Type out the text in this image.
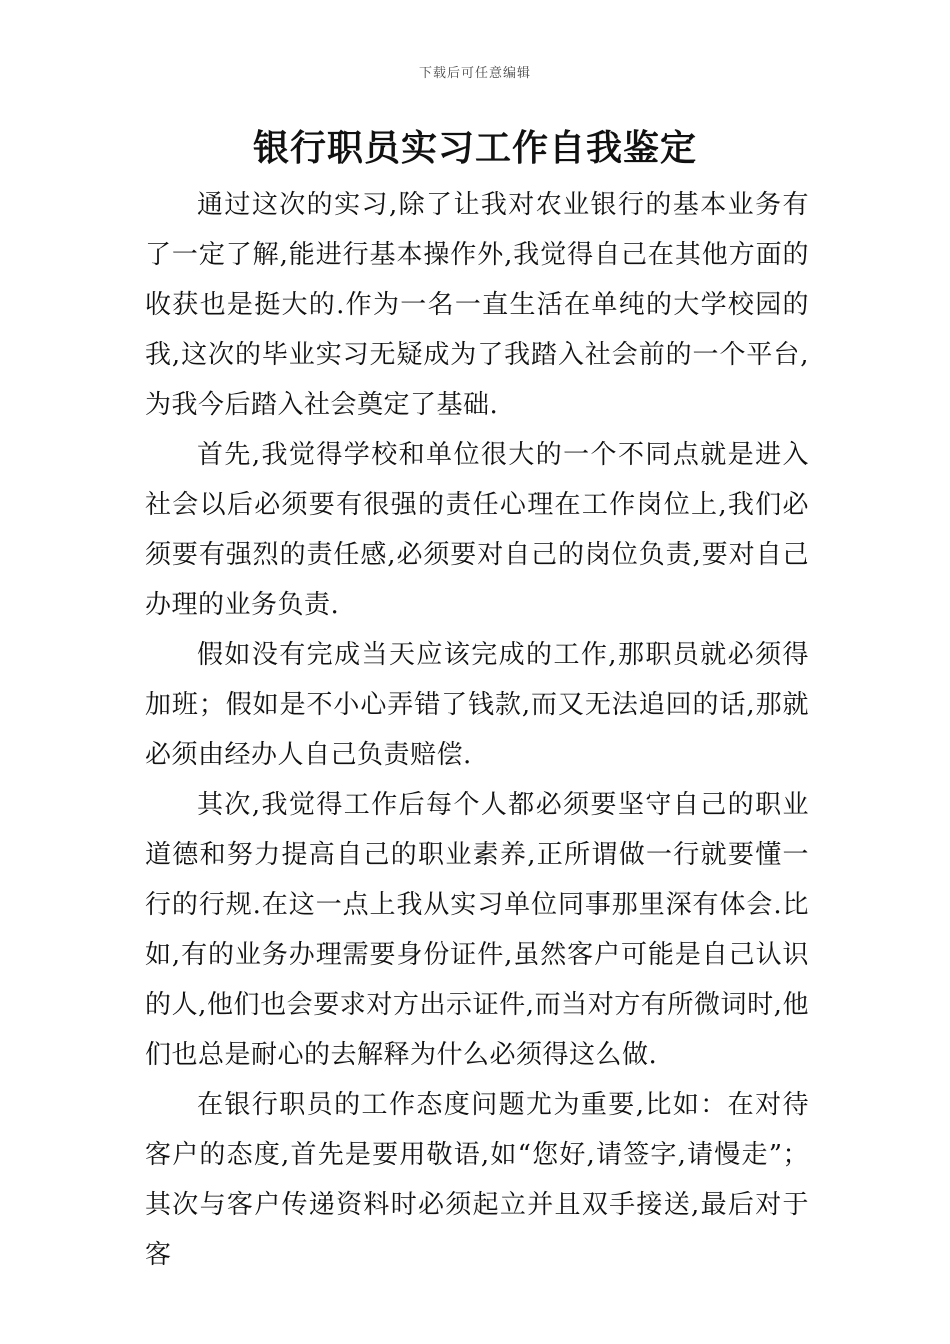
下载后可任意编辑
银行职员实习工作自我鉴定

通过这次的实习,除了让我对农业银行的基本业务有了一定了解,能进行基本操作外,我觉得自己在其他方面的收获也是挺大的.作为一名一直生活在单纯的大学校园的我,这次的毕业实习无疑成为了我踏入社会前的一个平台,为我今后踏入社会奠定了基础.

首先,我觉得学校和单位很大的一个不同点就是进入社会以后必须要有很强的责任心理在工作岗位上,我们必须要有强烈的责任感,必须要对自己的岗位负责,要对自己办理的业务负责.

假如没有完成当天应该完成的工作,那职员就必须得加班；假如是不小心弄错了钱款,而又无法追回的话,那就必须由经办人自己负责赔偿.

其次,我觉得工作后每个人都必须要坚守自己的职业道德和努力提高自己的职业素养,正所谓做一行就要懂一行的行规.在这一点上我从实习单位同事那里深有体会.比如,有的业务办理需要身份证件,虽然客户可能是自己认识的人,他们也会要求对方出示证件,而当对方有所微词时,他们也总是耐心的去解释为什么必须得这么做.

在银行职员的工作态度问题尤为重要,比如：在对待客户的态度,首先是要用敬语,如“您好,请签字,请慢走”；其次与客户传递资料时必须起立并且双手接送,最后对于客
